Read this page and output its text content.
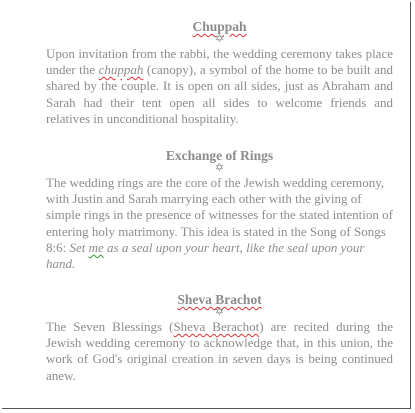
Chuppah
✡

Upon invitation from the rabbi, the wedding ceremony takes place under the chuppah (canopy), a symbol of the home to be built and shared by the couple. It is open on all sides, just as Abraham and Sarah had their tent open all sides to welcome friends and relatives in unconditional hospitality.

Exchange of Rings
✡

The wedding rings are the core of the Jewish wedding ceremony, with Justin and Sarah marrying each other with the giving of simple rings in the presence of witnesses for the stated intention of entering holy matrimony. This idea is stated in the Song of Songs 8:6: Set me as a seal upon your heart, like the seal upon your hand.

Sheva Brachot
✡

The Seven Blessings (Sheva Berachot) are recited during the Jewish wedding ceremony to acknowledge that, in this union, the work of God's original creation in seven days is being continued anew.
